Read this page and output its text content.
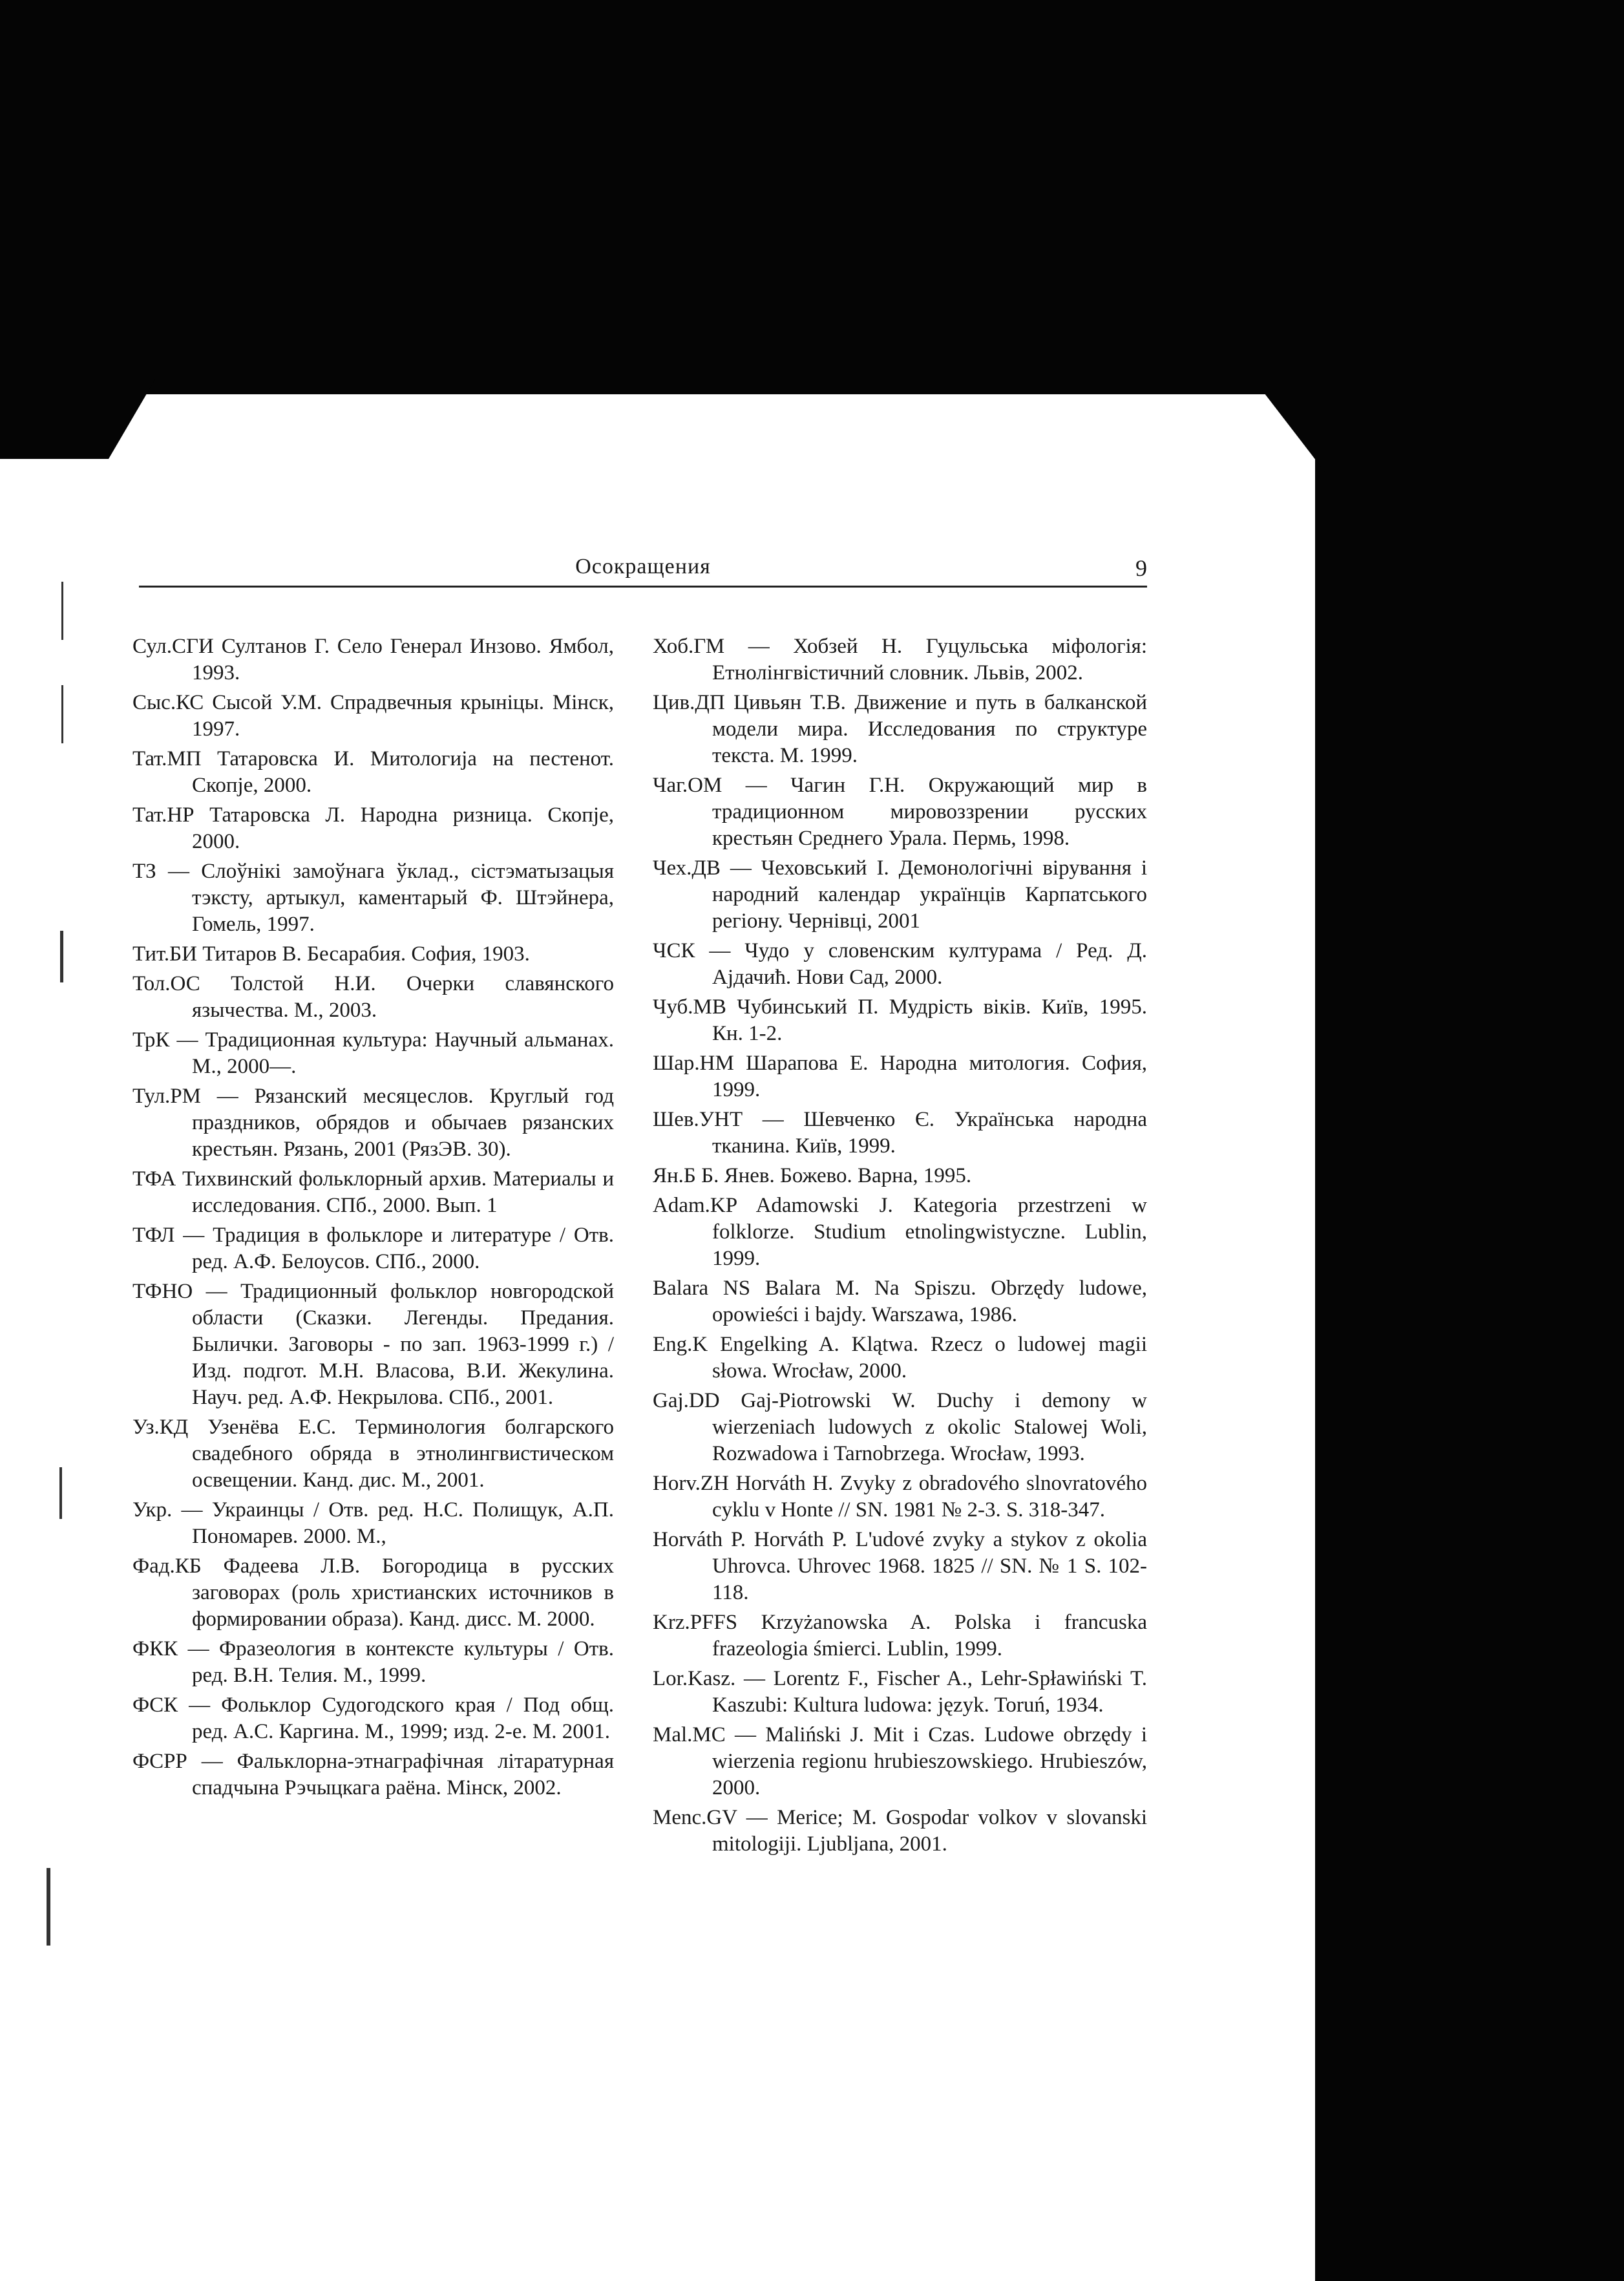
Осокращения	9
Сул.СГИ Султанов Г. Село Генерал Инзово. Ямбол, 1993.
Сыс.КС Сысой У.М. Спрадвечныя крыніцы. Мінск, 1997.
Тат.МП Татаровска И. Митологија на пестенот. Скопје, 2000.
Тат.НР Татаровска Л. Народна ризница. Скопје, 2000.
ТЗ — Слоўнікі замоўнага ўклад., сістэматызацыя тэксту, артыкул, каментарый Ф. Штэйнера, Гомель, 1997.
Тит.БИ Титаров В. Бесарабия. София, 1903.
Тол.ОС Толстой Н.И. Очерки славянского язычества. М., 2003.
ТрК — Традиционная культура: Научный альманах. М., 2000—.
Тул.РМ — Рязанский месяцеслов. Круглый год праздников, обрядов и обычаев рязанских крестьян. Рязань, 2001 (РязЭВ. 30).
ТФА Тихвинский фольклорный архив. Материалы и исследования. СПб., 2000. Вып. 1
ТФЛ — Традиция в фольклоре и литературе / Отв. ред. А.Ф. Белоусов. СПб., 2000.
ТФНО — Традиционный фольклор новгородской области (Сказки. Легенды. Предания. Былички. Заговоры - по зап. 1963-1999 г.) / Изд. подгот. М.Н. Власова, В.И. Жекулина. Науч. ред. А.Ф. Некрылова. СПб., 2001.
Уз.КД Узенёва Е.С. Терминология болгарского свадебного обряда в этнолингвистическом освещении. Канд. дис. М., 2001.
Укр. — Украинцы / Отв. ред. Н.С. Полищук, А.П. Пономарев. 2000. М.,
Фад.КБ Фадеева Л.В. Богородица в русских заговорах (роль христианских источников в формировании образа). Канд. дисс. М. 2000.
ФКК — Фразеология в контексте культуры / Отв. ред. В.Н. Телия. М., 1999.
ФСК — Фольклор Судогодского края / Под общ. ред. А.С. Каргина. М., 1999; изд. 2-е. М. 2001.
ФСРР — Фальклорна-этнаграфічная літаратурная спадчына Рэчыцкага раёна. Мінск, 2002.
Хоб.ГМ — Хобзей Н. Гуцульська міфологія: Етнолінгвістичний словник. Львів, 2002.
Цив.ДП Цивьян Т.В. Движение и путь в балканской модели мира. Исследования по структуре текста. М. 1999.
Чаг.ОМ — Чагин Г.Н. Окружающий мир в традиционном мировоззрении русских крестьян Среднего Урала. Пермь, 1998.
Чех.ДВ — Чеховський І. Демонологічні вірування і народний календар українців Карпатського регіону. Чернівці, 2001
ЧСК — Чудо у словенским културама / Ред. Д. Ајдачић. Нови Сад, 2000.
Чуб.МВ Чубинський П. Мудрість віків. Київ, 1995. Кн. 1-2.
Шар.НМ Шарапова Е. Народна митология. София, 1999.
Шев.УНТ — Шевченко Є. Українська народна тканина. Київ, 1999.
Ян.Б Б. Янев. Божево. Варна, 1995.
Adam.KP Adamowski J. Kategoria przestrzeni w folklorze. Studium etnolingwistyczne. Lublin, 1999.
Balara NS Balara M. Na Spiszu. Obrzędy ludowe, opowieści i bajdy. Warszawa, 1986.
Eng.K Engelking A. Klątwa. Rzecz o ludowej magii słowa. Wrocław, 2000.
Gaj.DD Gaj-Piotrowski W. Duchy i demony w wierzeniach ludowych z okolic Stalowej Woli, Rozwadowa i Tarnobrzega. Wrocław, 1993.
Horv.ZH Horváth H. Zvyky z obradového slnovratového cyklu v Honte // SN. 1981 № 2-3. S. 318-347.
Horváth P. Horváth P. L'udové zvyky a stykov z okolia Uhrovca. Uhrovec 1968. 1825 // SN. № 1 S. 102-118.
Krz.PFFS Krzyżanowska A. Polska i francuska frazeologia śmierci. Lublin, 1999.
Lor.Kasz. — Lorentz F., Fischer A., Lehr-Spławiński T. Kaszubi: Kultura ludowa: język. Toruń, 1934.
Mal.MC — Maliński J. Mit i Czas. Ludowe obrzędy i wierzenia regionu hrubieszowskiego. Hrubieszów, 2000.
Menc.GV — Merice; M. Gospodar volkov v slovanski mitologiji. Ljubljana, 2001.
